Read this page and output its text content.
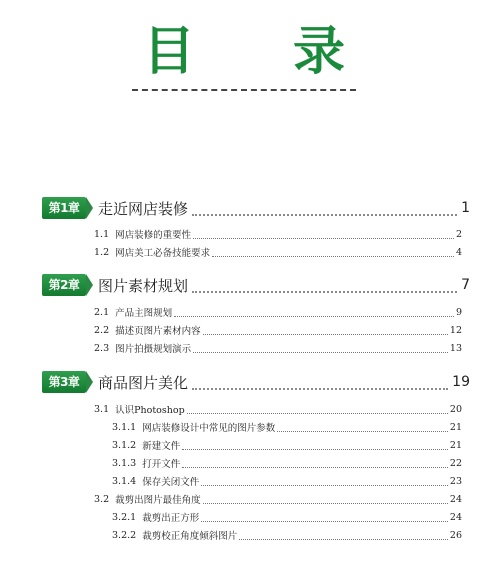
目 录
第1章	走近网店装修	1
1.1 网店装修的重要性	2
1.2 网店美工必备技能要求	4
第2章	图片素材规划	7
2.1 产品主图规划	9
2.2 描述页图片素材内容	12
2.3 图片拍摄规划演示	13
第3章	商品图片美化	19
3.1 认识Photoshop	20
3.1.1 网店装修设计中常见的图片参数	21
3.1.2 新建文件	21
3.1.3 打开文件	22
3.1.4 保存关闭文件	23
3.2 裁剪出图片最佳角度	24
3.2.1 裁剪出正方形	24
3.2.2 裁剪校正角度倾斜图片	26
